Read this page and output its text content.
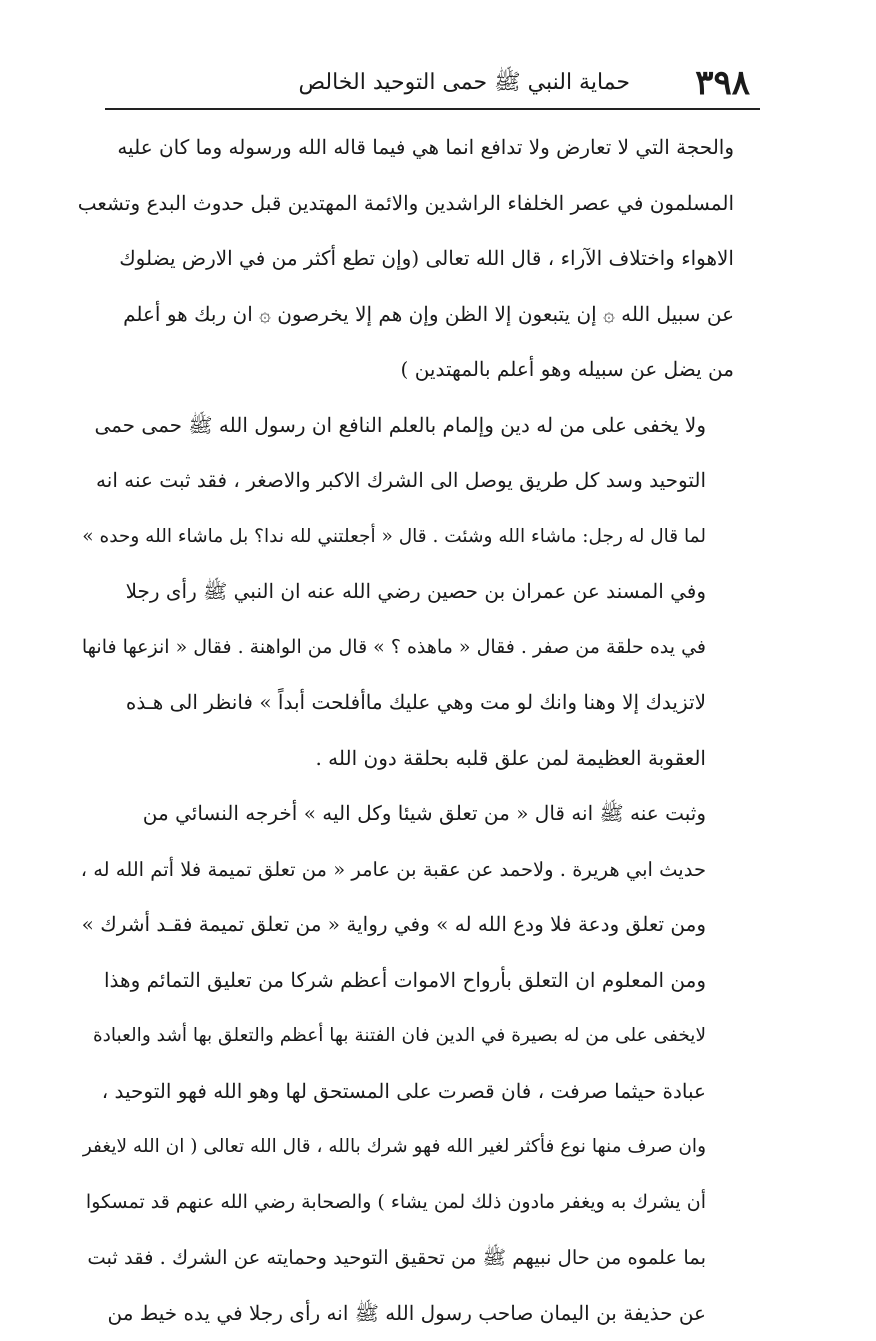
٣٩٨
حماية النبي ﷺ حمى التوحيد الخالص
والحجة التي لا تعارض ولا تدافع انما هي فيما قاله الله ورسوله وما كان عليه
المسلمون في عصر الخلفاء الراشدين والائمة المهتدين قبل حدوث البدع وتشعب
الاهواء واختلاف الآراء ، قال الله تعالى (وإن تطع أكثر من في الارض يضلوك
عن سبيل الله ۞ إن يتبعون إلا الظن وإن هم إلا يخرصون ۞ ان ربك هو أعلم
من يضل عن سبيله وهو أعلم بالمهتدين )
ولا يخفى على من له دين وإلمام بالعلم النافع ان رسول الله ﷺ حمى حمى
التوحيد وسد كل طريق يوصل الى الشرك الاكبر والاصغر ، فقد ثبت عنه انه
لما قال له رجل: ماشاء الله وشئت . قال « أجعلتني لله ندا؟ بل ماشاء الله وحده »
وفي المسند عن عمران بن حصين رضي الله عنه ان النبي ﷺ رأى رجلا
في يده حلقة من صفر . فقال « ماهذه ؟ » قال من الواهنة . فقال « انزعها فانها
لاتزيدك إلا وهنا وانك لو مت وهي عليك ماأفلحت أبداً » فانظر الى هـذه
العقوبة العظيمة لمن علق قلبه بحلقة دون الله .
وثبت عنه ﷺ انه قال « من تعلق شيئا وكل اليه » أخرجه النسائي من
حديث ابي هريرة . ولاحمد عن عقبة بن عامر « من تعلق تميمة فلا أتم الله له ،
ومن تعلق ودعة فلا ودع الله له » وفي رواية « من تعلق تميمة فقـد أشرك »
ومن المعلوم ان التعلق بأرواح الاموات أعظم شركا من تعليق التمائم وهذا
لايخفى على من له بصيرة في الدين فان الفتنة بها أعظم والتعلق بها أشد والعبادة
عبادة حيثما صرفت ، فان قصرت على المستحق لها وهو الله فهو التوحيد ،
وان صرف منها نوع فأكثر لغير الله فهو شرك بالله ، قال الله تعالى ( ان الله لايغفر
أن يشرك به ويغفر مادون ذلك لمن يشاء ) والصحابة رضي الله عنهم قد تمسكوا
بما علموه من حال نبيهم ﷺ من تحقيق التوحيد وحمايته عن الشرك . فقد ثبت
عن حذيفة بن اليمان صاحب رسول الله ﷺ انه رأى رجلا في يده خيط من
